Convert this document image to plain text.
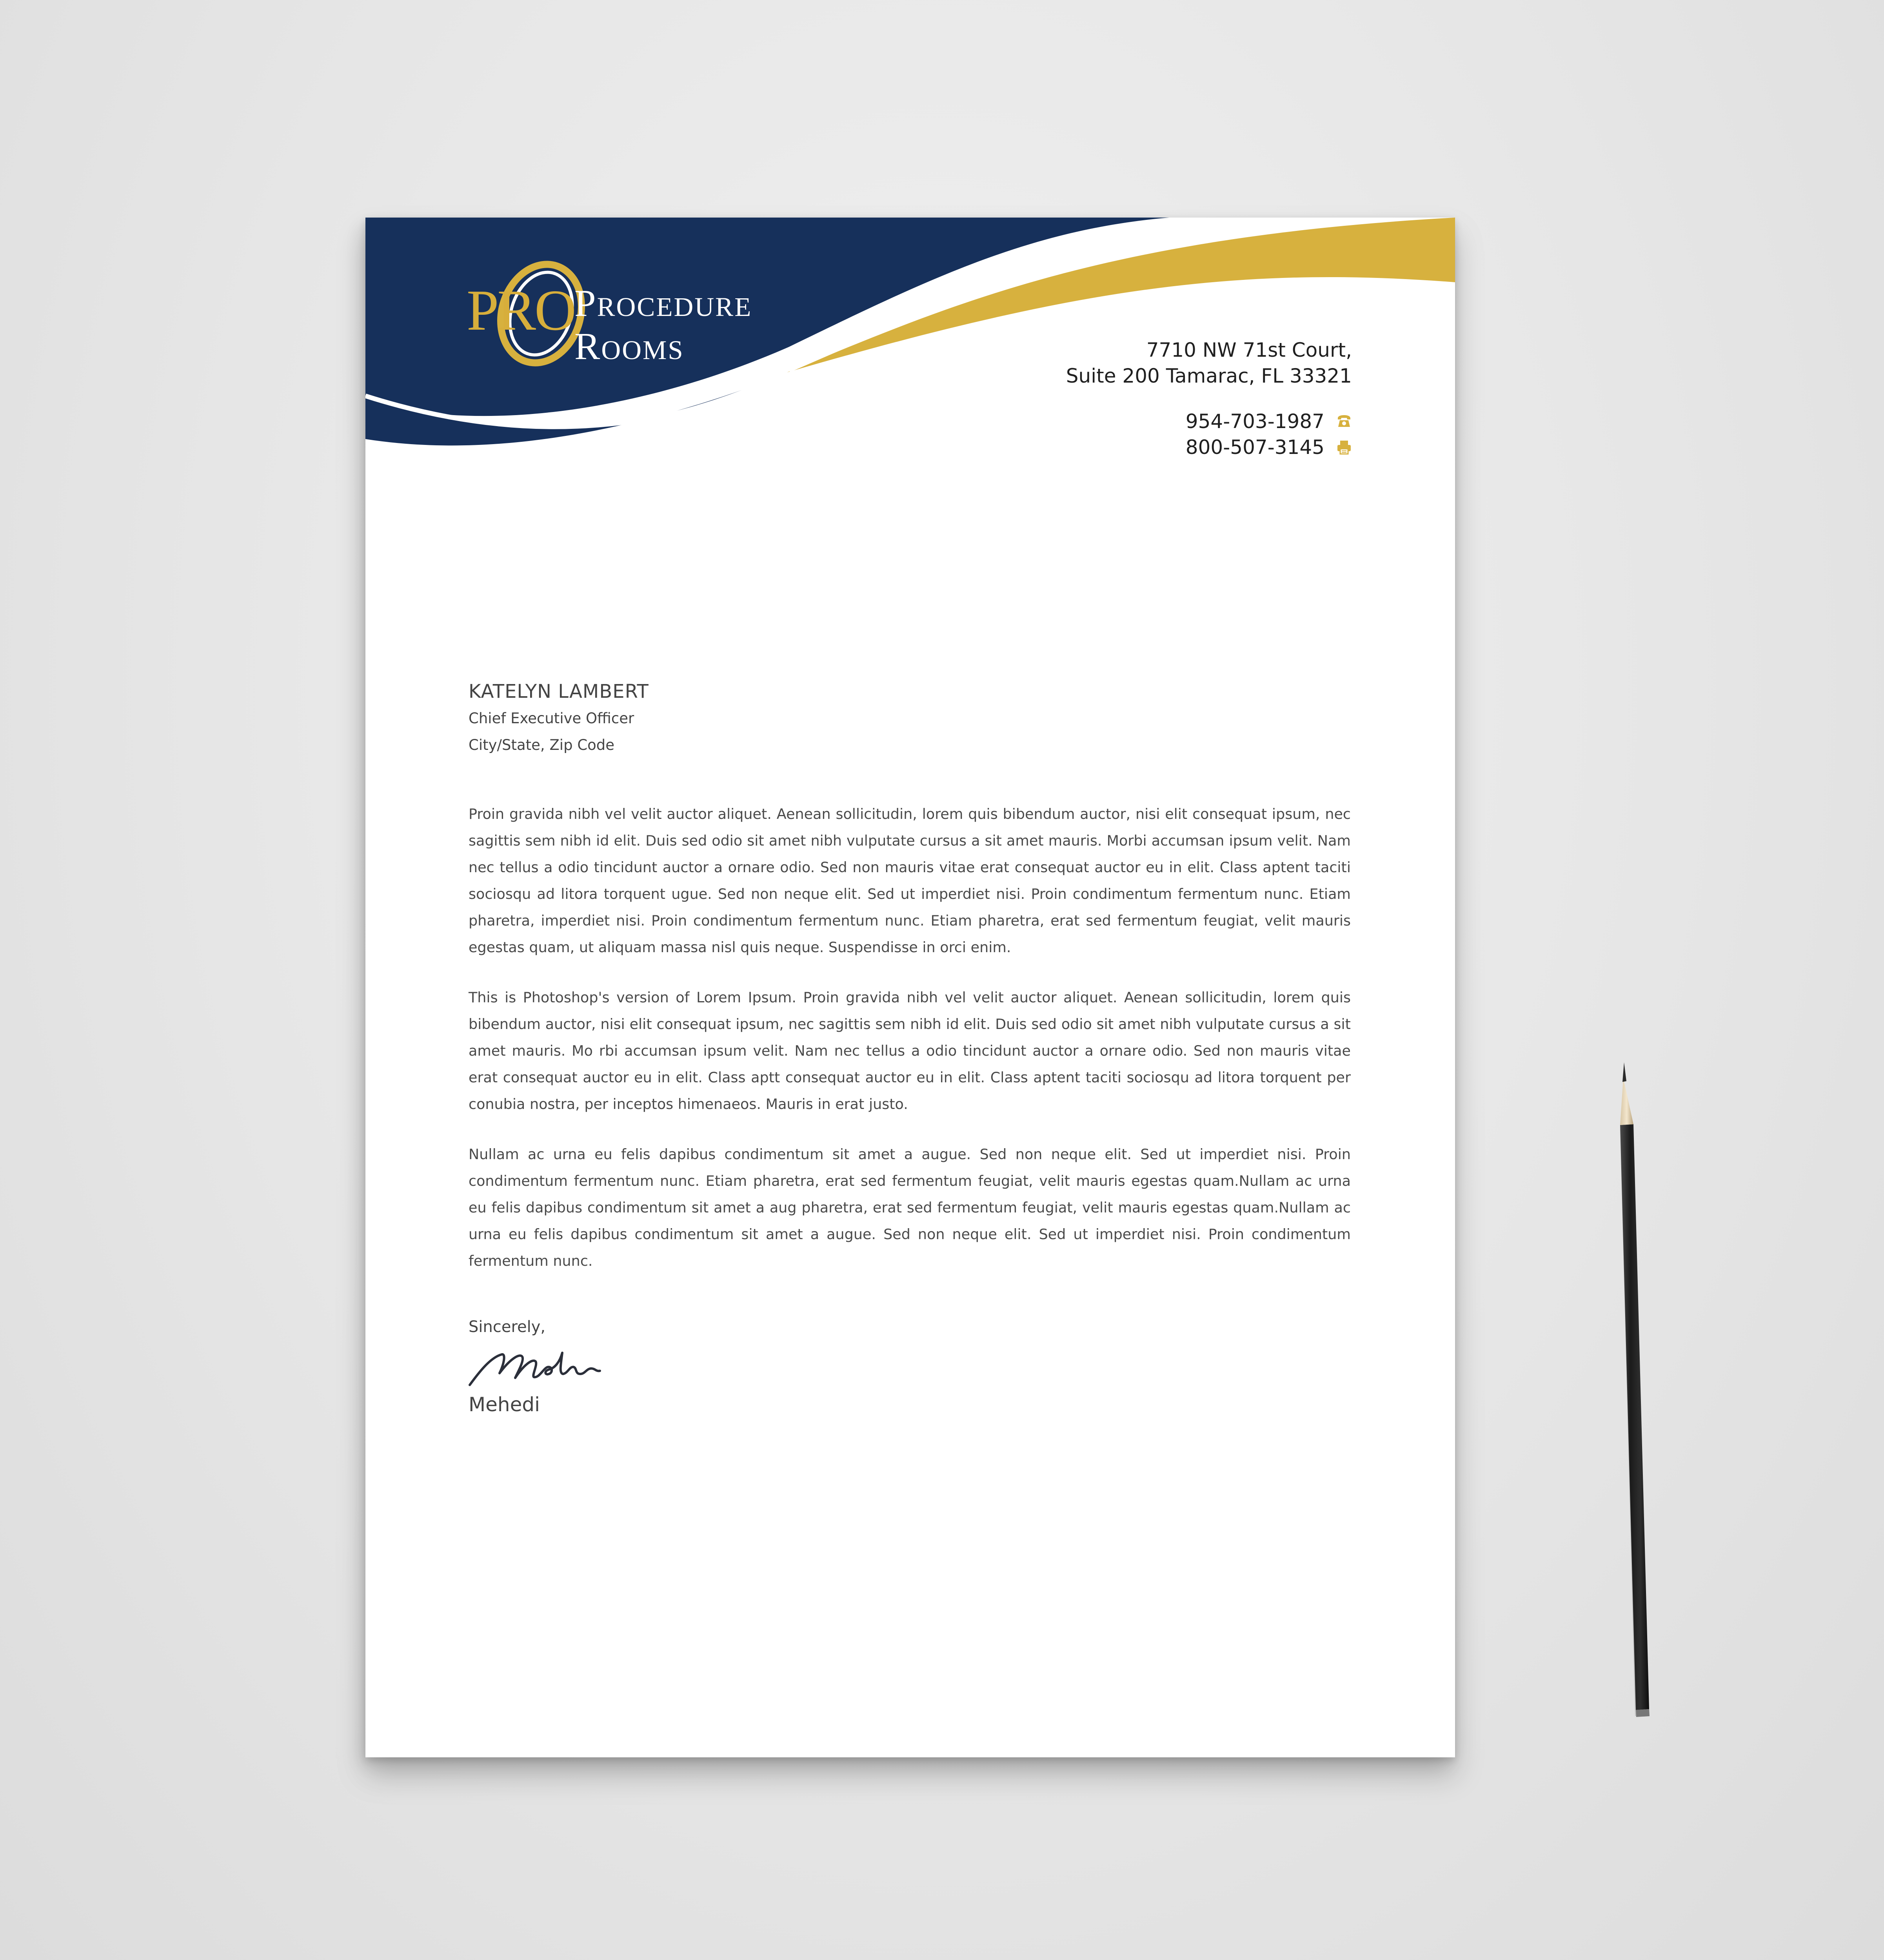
PRO Procedure
Rooms	7710 NW 71st Court,
Suite 200 Tamarac, FL 33321
954-703-1987
800-507-3145
KATELYN LAMBERT
Chief Executive Officer
City/State, Zip Code

Proin gravida nibh vel velit auctor aliquet. Aenean sollicitudin, lorem quis bibendum auctor, nisi elit consequat ipsum, nec sagittis sem nibh id elit. Duis sed odio sit amet nibh vulputate cursus a sit amet mauris. Morbi accumsan ipsum velit. Nam nec tellus a odio tincidunt auctor a ornare odio. Sed non mauris vitae erat consequat auctor eu in elit. Class aptent taciti sociosqu ad litora torquent ugue. Sed non neque elit. Sed ut imperdiet nisi. Proin condimentum fermentum nunc. Etiam pharetra, imperdiet nisi. Proin condimentum fermentum nunc. Etiam pharetra, erat sed fermentum feugiat, velit mauris egestas quam, ut aliquam massa nisl quis neque. Suspendisse in orci enim.

This is Photoshop's version of Lorem Ipsum. Proin gravida nibh vel velit auctor aliquet. Aenean sollicitudin, lorem quis bibendum auctor, nisi elit consequat ipsum, nec sagittis sem nibh id elit. Duis sed odio sit amet nibh vulputate cursus a sit amet mauris. Mo rbi accumsan ipsum velit. Nam nec tellus a odio tincidunt auctor a ornare odio. Sed non mauris vitae erat consequat auctor eu in elit. Class aptt consequat auctor eu in elit. Class aptent taciti sociosqu ad litora torquent per conubia nostra, per inceptos himenaeos. Mauris in erat justo.

Nullam ac urna eu felis dapibus condimentum sit amet a augue. Sed non neque elit. Sed ut imperdiet nisi. Proin condimentum fermentum nunc. Etiam pharetra, erat sed fermentum feugiat, velit mauris egestas quam.Nullam ac urna eu felis dapibus condimentum sit amet a aug pharetra, erat sed fermentum feugiat, velit mauris egestas quam.Nullam ac urna eu felis dapibus condimentum sit amet a augue. Sed non neque elit. Sed ut imperdiet nisi. Proin condimentum fermentum nunc.

Sincerely,
Mehedi
